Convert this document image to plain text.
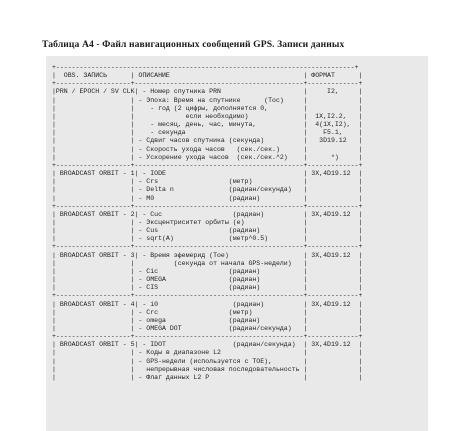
Таблица А4 - Файл навигационных сообщений GPS. Записи данных
+----------------------------------------------------------------------------+
|  OBS. ЗАПИСЬ      | ОПИСАНИЕ                                  | ФОРМАТ      |
+-------------------+-------------------------------------------+-------------+
|PRN / EPOCH / SV CLK| - Номер спутника PRN                     |     I2,     |
|                   | - Эпоха: Время на спутнике      (Toc)     |             |
|                   |    - год (2 цифры, дополняется 0,         |             |
|                   |             если необходимо)              |  1X,I2.2,   |
|                   |    - месяц, день, час, минута,            |  4(1X,I2),  |
|                   |    - секунда                              |    F5.1,    |
|                   | - Сдвиг часов спутника (секунда)          |   3D19.12   |
|                   | - Скорость ухода часов   (сек./сек.)      |             |
|                   | - Ускорение ухода часов  (сек./сек.^2)    |      *)     |
+-------------------+-------------------------------------------+-------------+
| BROADCAST ORBIT - 1| - IODE                                   | 3X,4D19.12  |
|                   | - Crs                  (метр)             |             |
|                   | - Delta n              (радиан/секунда)   |             |
|                   | - M0                   (радиан)           |             |
+-------------------+-------------------------------------------+-------------+
| BROADCAST ORBIT - 2| - Cuc                  (радиан)          | 3X,4D19.12  |
|                   | - Эксцентриситет орбиты (e)               |             |
|                   | - Cus                  (радиан)           |             |
|                   | - sqrt(A)              (метр^0.5)         |             |
+-------------------+-------------------------------------------+-------------+
| BROADCAST ORBIT - 3| - Время эфемерид (Toe)                   | 3X,4D19.12  |
|                   |          (секунда от начала GPS-недели)   |             |
|                   | - Cic                  (радиан)           |             |
|                   | - OMEGA                (радиан)           |             |
|                   | - CIS                  (радиан)           |             |
+-------------------+-------------------------------------------+-------------+
| BROADCAST ORBIT - 4| - i0                   (радиан)          | 3X,4D19.12  |
|                   | - Crc                  (метр)             |             |
|                   | - omega                (радиан)           |             |
|                   | - OMEGA DOT            (радиан/секунда)   |             |
+-------------------+-------------------------------------------+-------------+
| BROADCAST ORBIT - 5| - IDOT                 (радиан/секунда)  | 3X,4D19.12  |
|                   | - Коды в диапазоне L2                     |             |
|                   | - GPS-недели (используется с TOE),        |             |
|                   |   непрерывная числовая последовательность |             |
|                   | - Флаг данных L2 P                        |             |
